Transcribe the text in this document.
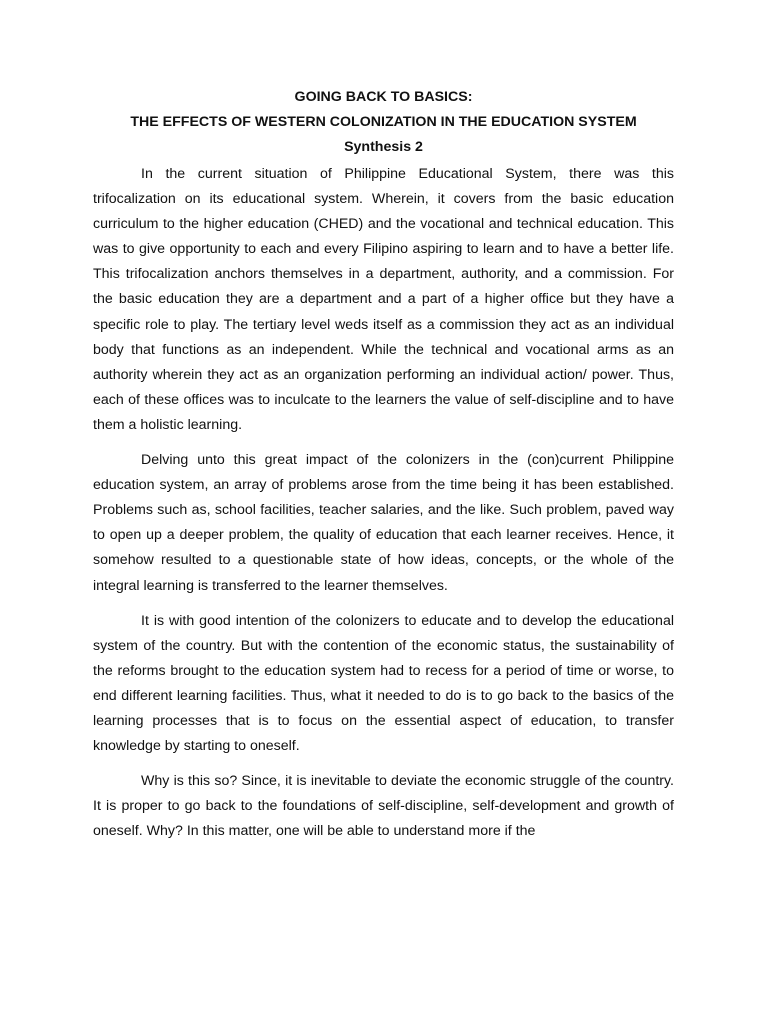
GOING BACK TO BASICS:

THE EFFECTS OF WESTERN COLONIZATION IN THE EDUCATION SYSTEM

Synthesis 2

In the current situation of Philippine Educational System, there was this trifocalization on its educational system. Wherein, it covers from the basic education curriculum to the higher education (CHED) and the vocational and technical education. This was to give opportunity to each and every Filipino aspiring to learn and to have a better life. This trifocalization anchors themselves in a department, authority, and a commission. For the basic education they are a department and a part of a higher office but they have a specific role to play. The tertiary level weds itself as a commission they act as an individual body that functions as an independent. While the technical and vocational arms as an authority wherein they act as an organization performing an individual action/ power. Thus, each of these offices was to inculcate to the learners the value of self-discipline and to have them a holistic learning.

Delving unto this great impact of the colonizers in the (con)current Philippine education system, an array of problems arose from the time being it has been established. Problems such as, school facilities, teacher salaries, and the like. Such problem, paved way to open up a deeper problem, the quality of education that each learner receives. Hence, it somehow resulted to a questionable state of how ideas, concepts, or the whole of the integral learning is transferred to the learner themselves.

It is with good intention of the colonizers to educate and to develop the educational system of the country. But with the contention of the economic status, the sustainability of the reforms brought to the education system had to recess for a period of time or worse, to end different learning facilities. Thus, what it needed to do is to go back to the basics of the learning processes that is to focus on the essential aspect of education, to transfer knowledge by starting to oneself.

Why is this so? Since, it is inevitable to deviate the economic struggle of the country. It is proper to go back to the foundations of self-discipline, self-development and growth of oneself. Why? In this matter, one will be able to understand more if the
